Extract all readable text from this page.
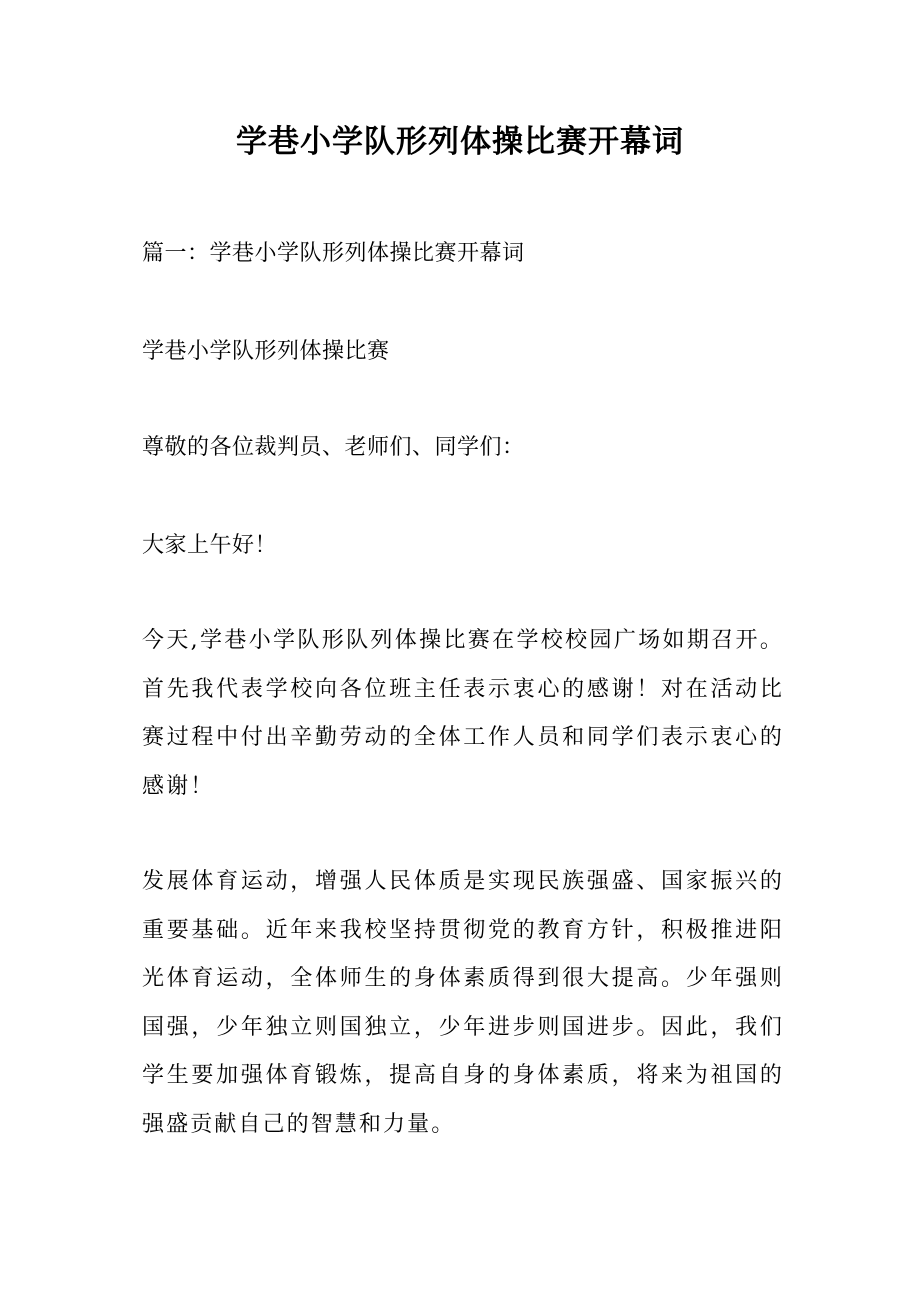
学巷小学队形列体操比赛开幕词

篇一：学巷小学队形列体操比赛开幕词

学巷小学队形列体操比赛

尊敬的各位裁判员、老师们、同学们：

大家上午好！

今天,学巷小学队形队列体操比赛在学校校园广场如期召开。首先我代表学校向各位班主任表示衷心的感谢！对在活动比赛过程中付出辛勤劳动的全体工作人员和同学们表示衷心的感谢！

发展体育运动，增强人民体质是实现民族强盛、国家振兴的重要基础。近年来我校坚持贯彻党的教育方针，积极推进阳光体育运动，全体师生的身体素质得到很大提高。少年强则国强，少年独立则国独立，少年进步则国进步。因此，我们学生要加强体育锻炼，提高自身的身体素质，将来为祖国的强盛贡献自己的智慧和力量。
